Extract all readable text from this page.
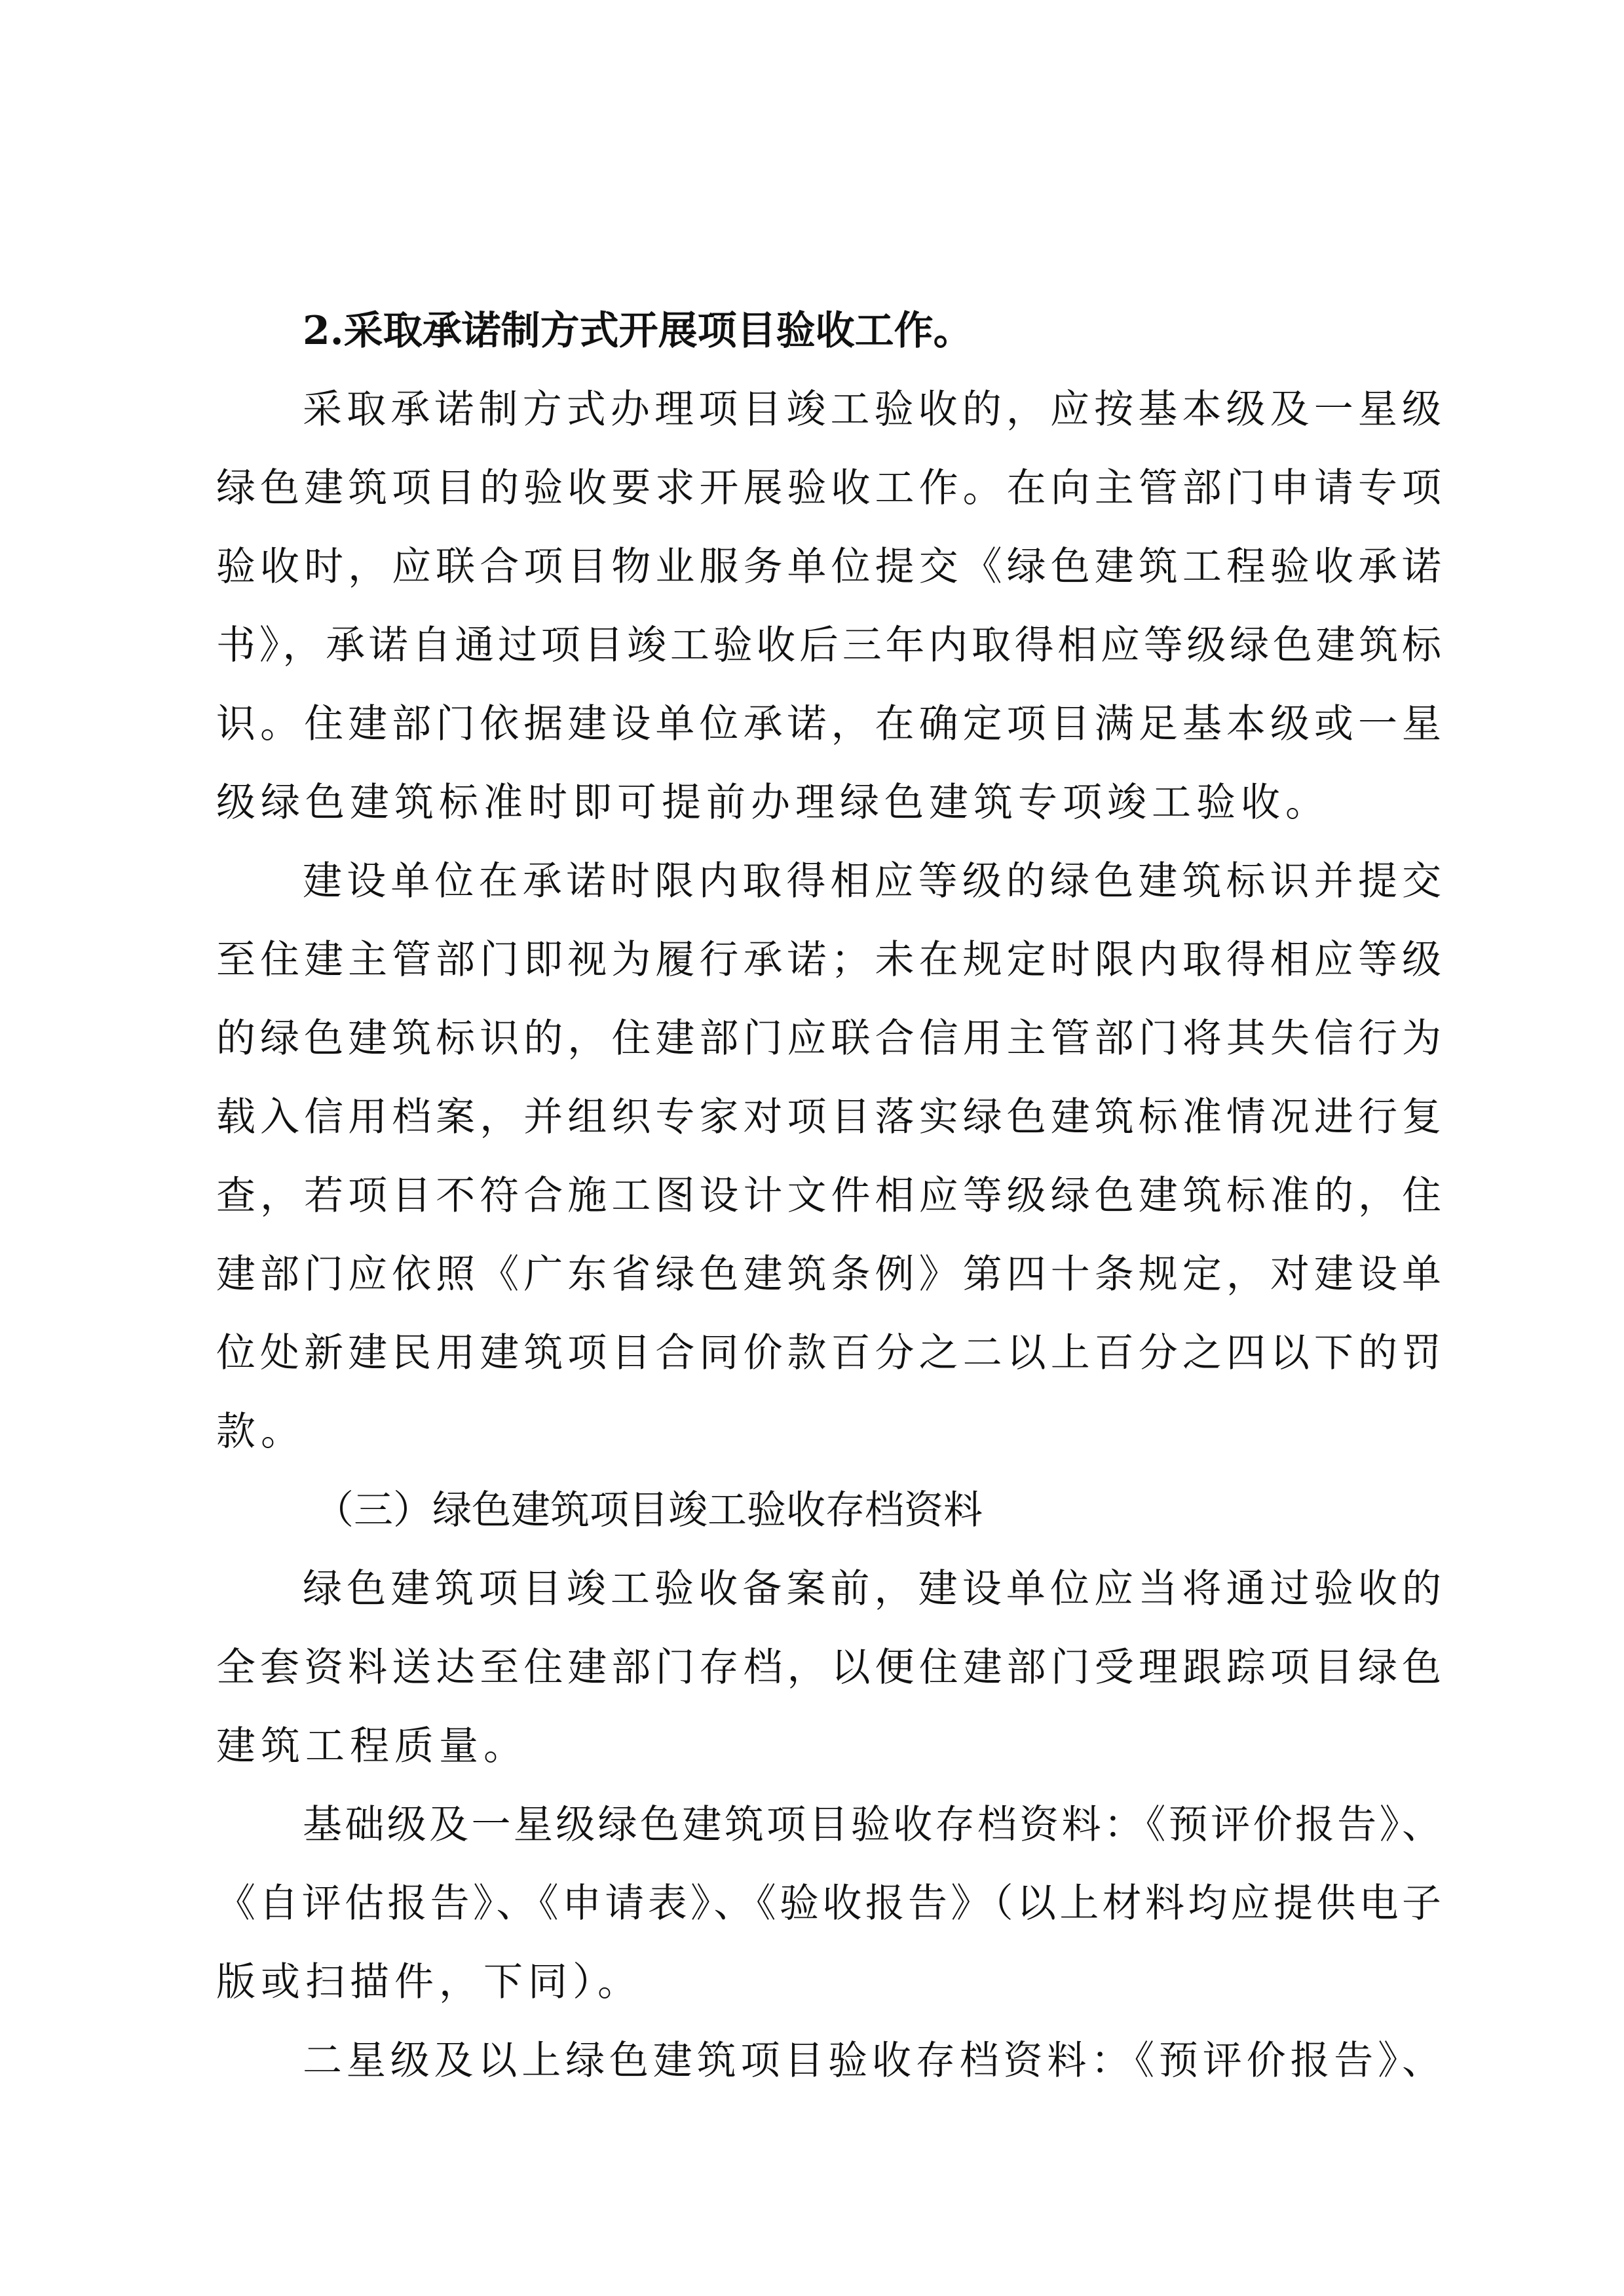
2.采取承诺制方式开展项目验收工作。
采取承诺制方式办理项目竣工验收的，应按基本级及一星级
绿色建筑项目的验收要求开展验收工作。在向主管部门申请专项
验收时，应联合项目物业服务单位提交《绿色建筑工程验收承诺
书》，承诺自通过项目竣工验收后三年内取得相应等级绿色建筑标
识。住建部门依据建设单位承诺，在确定项目满足基本级或一星
级绿色建筑标准时即可提前办理绿色建筑专项竣工验收。
建设单位在承诺时限内取得相应等级的绿色建筑标识并提交
至住建主管部门即视为履行承诺；未在规定时限内取得相应等级
的绿色建筑标识的，住建部门应联合信用主管部门将其失信行为
载入信用档案，并组织专家对项目落实绿色建筑标准情况进行复
查，若项目不符合施工图设计文件相应等级绿色建筑标准的，住
建部门应依照《广东省绿色建筑条例》第四十条规定，对建设单
位处新建民用建筑项目合同价款百分之二以上百分之四以下的罚
款。
（三）绿色建筑项目竣工验收存档资料
绿色建筑项目竣工验收备案前，建设单位应当将通过验收的
全套资料送达至住建部门存档，以便住建部门受理跟踪项目绿色
建筑工程质量。
基础级及一星级绿色建筑项目验收存档资料：《预评价报告》、
《自评估报告》、《申请表》、《验收报告》（以上材料均应提供电子
版或扫描件，下同）。
二星级及以上绿色建筑项目验收存档资料：《预评价报告》、
